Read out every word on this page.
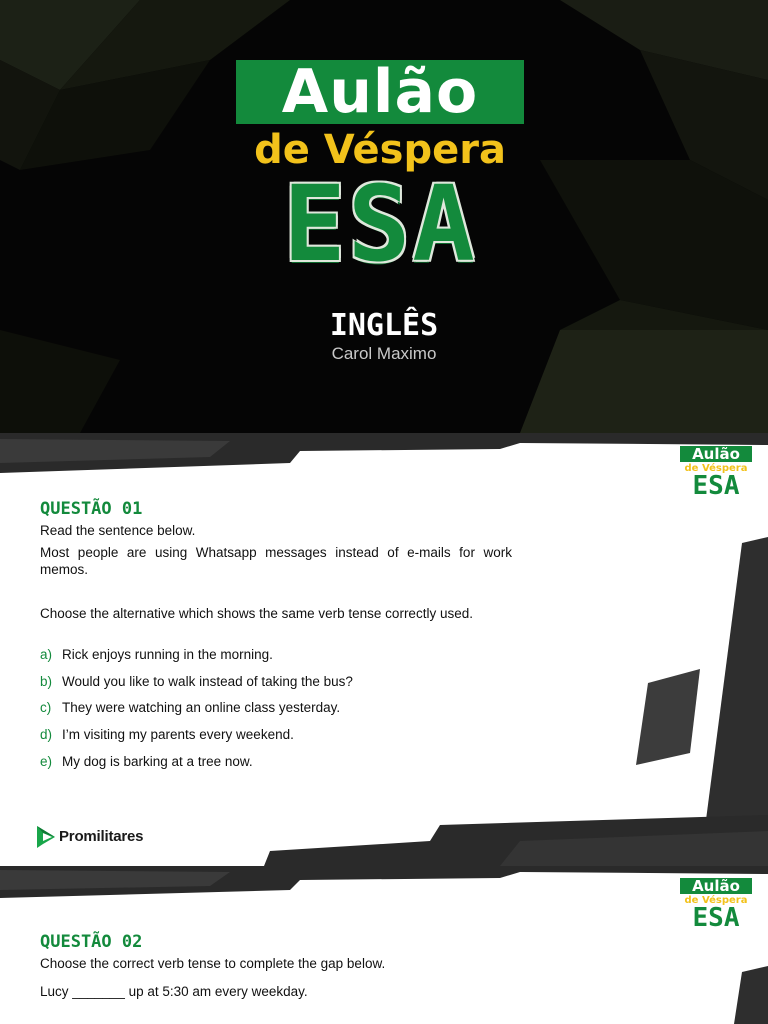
Aulão
de Véspera
ESA
INGLÊS
Carol Maximo
Aulão
de Véspera
ESA
QUESTÃO 01
Read the sentence below.
Most people are using Whatsapp messages instead of e-mails for work memos.
Choose the alternative which shows the same verb tense correctly used.
a) Rick enjoys running in the morning.
b) Would you like to walk instead of taking the bus?
c) They were watching an online class yesterday.
d) I’m visiting my parents every weekend.
e) My dog is barking at a tree now.
Promilitares
Aulão
de Véspera
ESA
QUESTÃO 02
Choose the correct verb tense to complete the gap below.
Lucy _______ up at 5:30 am every weekday.
